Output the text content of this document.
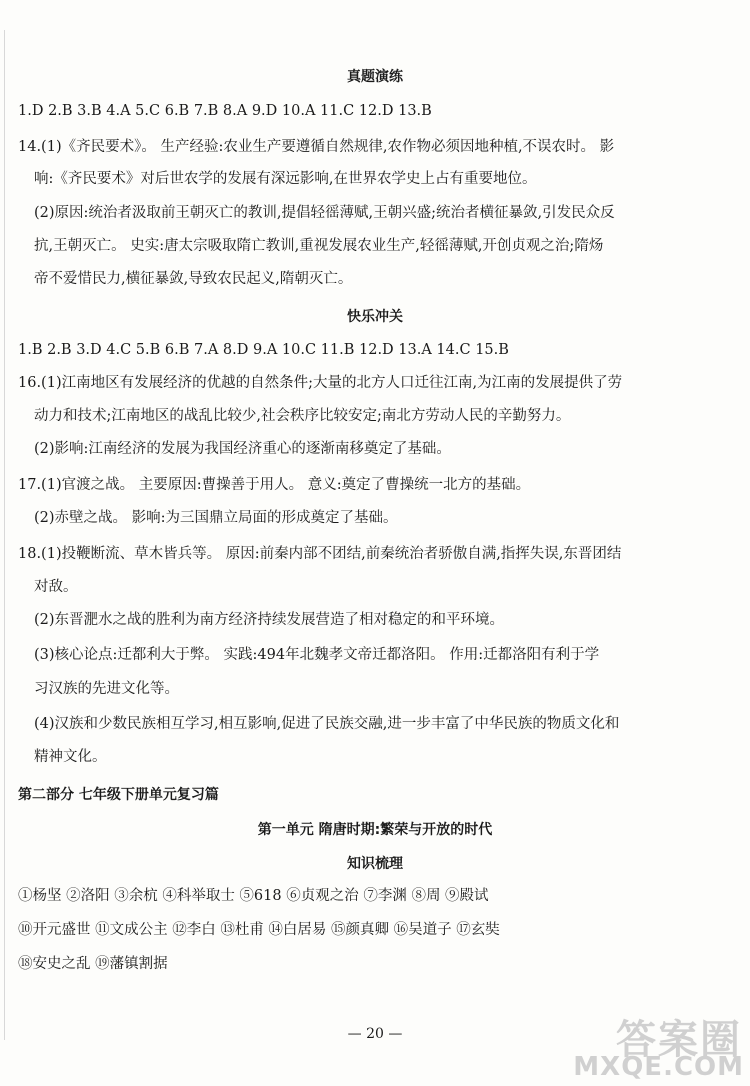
真题演练
1.D 2.B 3.B 4.A 5.C 6.B 7.B 8.A 9.D 10.A 11.C 12.D 13.B
14.(1)《齐民要术》。 生产经验:农业生产要遵循自然规律,农作物必须因地种植,不误农时。 影
响:《齐民要术》对后世农学的发展有深远影响,在世界农学史上占有重要地位。
(2)原因:统治者汲取前王朝灭亡的教训,提倡轻徭薄赋,王朝兴盛;统治者横征暴敛,引发民众反
抗,王朝灭亡。 史实:唐太宗吸取隋亡教训,重视发展农业生产,轻徭薄赋,开创贞观之治;隋炀
帝不爱惜民力,横征暴敛,导致农民起义,隋朝灭亡。
快乐冲关
1.B 2.B 3.D 4.C 5.B 6.B 7.A 8.D 9.A 10.C 11.B 12.D 13.A 14.C 15.B
16.(1)江南地区有发展经济的优越的自然条件;大量的北方人口迁往江南,为江南的发展提供了劳
动力和技术;江南地区的战乱比较少,社会秩序比较安定;南北方劳动人民的辛勤努力。
(2)影响:江南经济的发展为我国经济重心的逐渐南移奠定了基础。
17.(1)官渡之战。 主要原因:曹操善于用人。 意义:奠定了曹操统一北方的基础。
(2)赤壁之战。 影响:为三国鼎立局面的形成奠定了基础。
18.(1)投鞭断流、草木皆兵等。 原因:前秦内部不团结,前秦统治者骄傲自满,指挥失误,东晋团结
对敌。
(2)东晋淝水之战的胜利为南方经济持续发展营造了相对稳定的和平环境。
(3)核心论点:迁都利大于弊。 实践:494年北魏孝文帝迁都洛阳。 作用:迁都洛阳有利于学
习汉族的先进文化等。
(4)汉族和少数民族相互学习,相互影响,促进了民族交融,进一步丰富了中华民族的物质文化和
精神文化。
第二部分 七年级下册单元复习篇
第一单元 隋唐时期:繁荣与开放的时代
知识梳理
①杨坚 ②洛阳 ③余杭 ④科举取士 ⑤618 ⑥贞观之治 ⑦李渊 ⑧周 ⑨殿试
⑩开元盛世 ⑪文成公主 ⑫李白 ⑬杜甫 ⑭白居易 ⑮颜真卿 ⑯吴道子 ⑰玄奘
⑱安史之乱 ⑲藩镇割据
— 20 —	答案圈
MXQE.COM
